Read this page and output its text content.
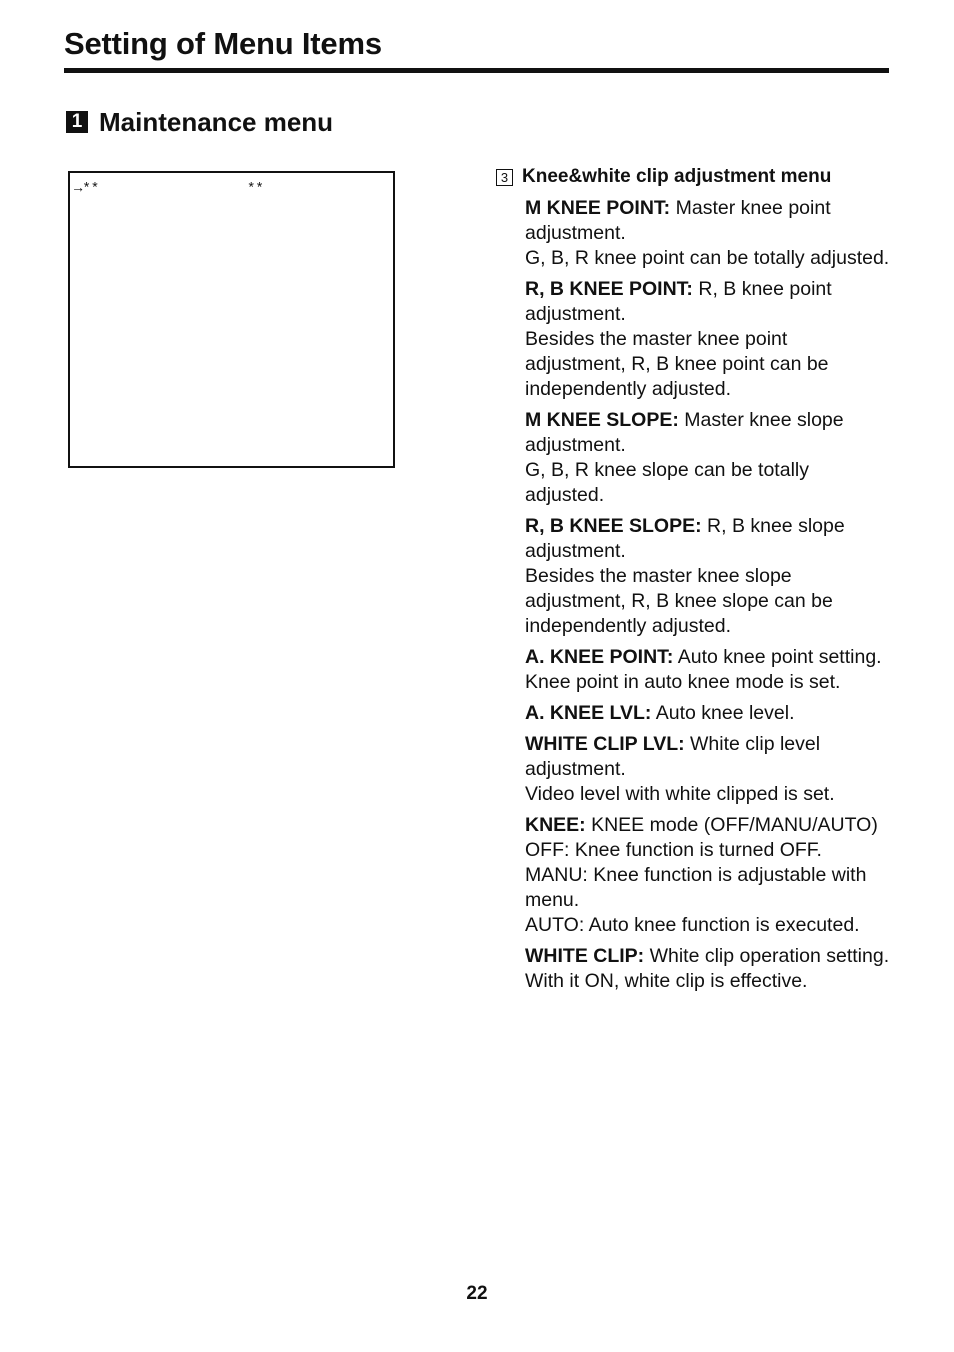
Setting of Menu Items
1 Maintenance menu
→**	**
3 Knee&white clip adjustment menu
M KNEE POINT: Master knee point adjustment.
G, B, R knee point can be totally adjusted.
R, B KNEE POINT: R, B knee point adjustment.
Besides the master knee point adjustment, R, B knee point can be independently adjusted.
M KNEE SLOPE: Master knee slope adjustment.
G, B, R knee slope can be totally adjusted.
R, B KNEE SLOPE: R, B knee slope adjustment.
Besides the master knee slope adjustment, R, B knee slope can be independently adjusted.
A. KNEE POINT: Auto knee point setting. Knee point in auto knee mode is set.
A. KNEE LVL: Auto knee level.
WHITE CLIP LVL: White clip level adjustment.
Video level with white clipped is set.
KNEE: KNEE mode (OFF/MANU/AUTO)
OFF: Knee function is turned OFF.
MANU: Knee function is adjustable with menu.
AUTO: Auto knee function is executed.
WHITE CLIP: White clip operation setting.
With it ON, white clip is effective.
22
